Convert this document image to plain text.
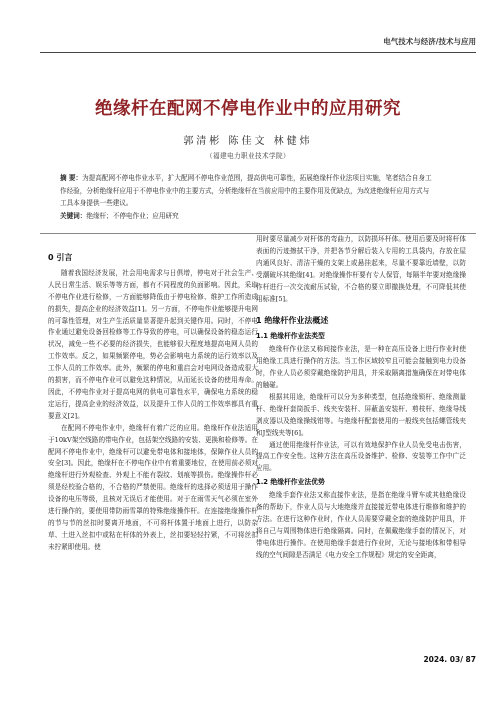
电气技术与经济/技术与应用
绝缘杆在配网不停电作业中的应用研究
郭清彬 陈佳文 林健炜
（福建电力职业技术学院）
摘 要：为提高配网不停电作业水平，扩大配网不停电作业范围，提高供电可靠性，拓展绝缘杆作业法项目实施，笔者结合自身工作经验，分析绝缘杆应用于不停电作业中的主要方式，分析绝缘杆在当前应用中的主要作用及优缺点，为改进绝缘杆应用方式与工具本身提供一些建议。
关键词：绝缘杆；不停电作业；应用研究
0 引言

随着我国经济发展，社会用电需求与日俱增，停电对于社会生产、人民日常生活、娱乐等等方面，都有不同程度的负面影响。因此，采取不停电作业进行检修，一方面能够降低由于停电检修、维护工作所造成的损失，提高企业的经济效益[1]。另一方面，不停电作业能够提升电网的可靠性管理，对生产生活质量显著提升起到关键作用。同时，不停电作业通过避免设备回检修等工作导致的停电，可以确保设备的稳态运行状况，减免一些不必要的经济损失，也能够很大程度地提高电网人员的工作效率。反之，如果频繁停电，势必会影响电力系统的运行效率以及工作人员的工作效率。此外，频繁的停电和重启会对电网设备造成很大的损害，而不停电作业可以避免这种情况，从而延长设备的使用寿命。因此，不停电作业对于提高电网的供电可靠性水平，确保电力系统的稳定运行，提高企业的经济效益，以及提升工作人员的工作效率都具有重要意义[2]。

在配网不停电作业中，绝缘杆有着广泛的应用。绝缘杆作业法适用于10kV架空线路的带电作业，包括架空线路的安装、更换和检修等。在配网不停电作业中，绝缘杆可以避免带电体和接地体，保障作业人员的安全[3]。因此，绝缘杆在不停电作业中有着重要地位，在使用前必须对绝缘杆进行外观检查、外观上不能有裂纹、划痕等损伤。绝缘操作杆必须是经校验合格的，不合格的严禁使用。绝缘杆的选择必须适用于操作设备的电压等级，且核对无误后才能使用。对于在雨雪天气必须在室外进行操作的，要使用带防雨雪罩的特殊绝缘操作杆。在连接绝缘操作杆的节与节的丝扣时要离开地面，不可将杆体置于地面上进行，以防杂草、土进入丝扣中或粘在杆体的外表上，丝扣要轻轻拧紧，不可将丝扣未拧紧即使用。使

用时要尽量减少对杆体的弯曲力，以防损坏杆体。使用后要及时将杆体表面的污迹擦拭干净，并把各节分解后装入专用的工具袋内，存放在屋内通风良好、清洁干燥的支架上或悬挂起来，尽量不要靠近墙壁，以防受潮破坏其绝缘[4]。对绝缘操作杆要有专人保管，每隔半年要对绝缘操作杆进行一次交流耐压试验，不合格的要立即撤换处理，不可降低其使用标准[5]。

1 绝缘杆作业法概述
1.1 绝缘杆作业法类型

绝缘杆作业法又称间接作业法，是一种在高压设备上进行作业时使用绝缘工具进行操作的方法。当工作区域较窄且可能会接触到电力设备时，作业人员必须穿戴绝缘防护用具，并采取隔离措施确保在对带电体的触碰。

根据其用途，绝缘杆可以分为多种类型，包括绝缘锁杆、绝缘测量杆、绝缘杆套筒扳手、线夹安装杆、屏蔽盖安装杆、剪枝杆、绝缘导线剥皮器以及绝缘操线钳等。与绝缘杆配套使用的一般线夹包括螺管线夹和J型线夹等[6]。

通过使用绝缘杆作业法，可以有效地保护作业人员免受电击伤害，提高工作安全性。这种方法在高压设备维护、检修、安装等工作中广泛应用。

1.2 绝缘杆作业法优势

绝缘手套作业法又称直接作业法，是指在绝缘斗臂车或其他绝缘设备的帮助下，作业人员与大地绝缘并直接接近带电体进行维修和维护的方法。在进行这种作业时，作业人员需要穿戴全套的绝缘防护用具，并将自己与周围物体进行绝缘隔离。同时，在佩戴绝缘手套的情况下，对带电体进行操作。在使用绝缘手套进行作业时，无论与接地体和带相导线的空气间隙是否满足《电力安全工作规程》规定的安全距离，

2024. 03/ 87
